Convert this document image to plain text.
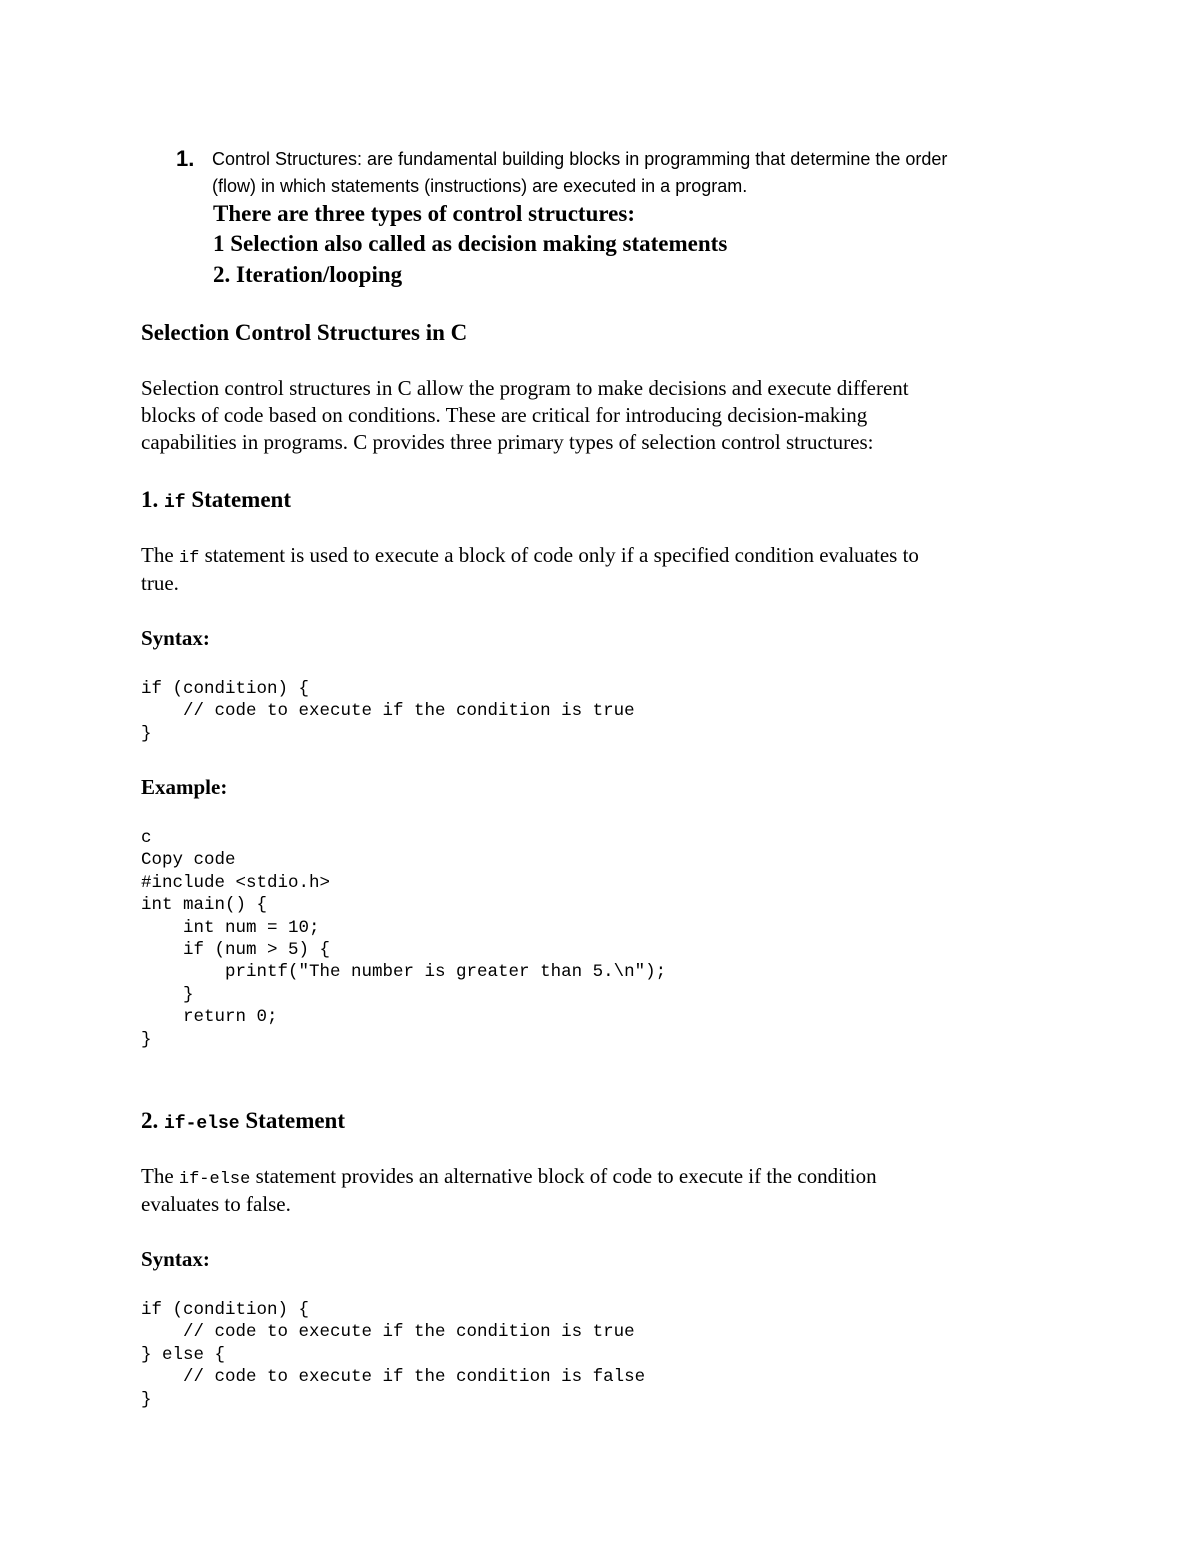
1. Control Structures: are fundamental building blocks in programming that determine the order

(flow) in which statements (instructions) are executed in a program.

There are three types of control structures:

1 Selection also called as decision making statements

2. Iteration/looping

Selection Control Structures in C

Selection control structures in C allow the program to make decisions and execute different

blocks of code based on conditions. These are critical for introducing decision-making

capabilities in programs. C provides three primary types of selection control structures:

1. if Statement

The if statement is used to execute a block of code only if a specified condition evaluates to

true.

Syntax:

if (condition) {
// code to execute if the condition is true
}

Example:

c
Copy code
#include <stdio.h>
int main() {
int num = 10;
if (num > 5) {
printf("The number is greater than 5.\n");
}
return 0;
}
2. if-else Statement

The if-else statement provides an alternative block of code to execute if the condition

evaluates to false.

Syntax:

if (condition) {
// code to execute if the condition is true
} else {
// code to execute if the condition is false
}
